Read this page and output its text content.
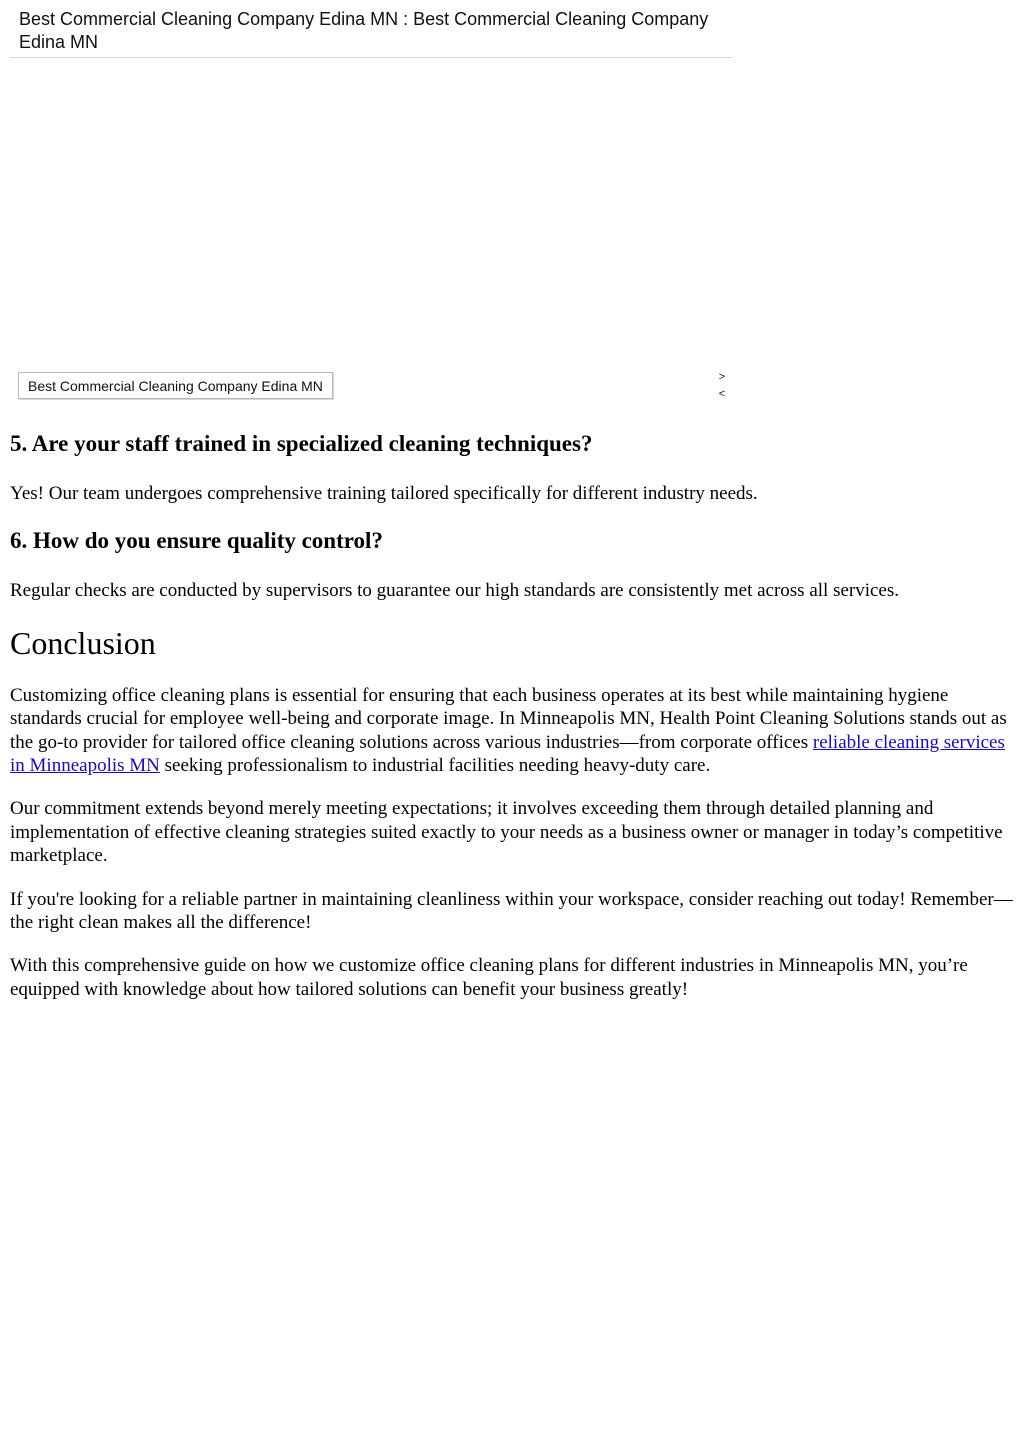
Best Commercial Cleaning Company Edina MN : Best Commercial Cleaning Company Edina MN
Best Commercial Cleaning Company Edina MN
>
<
5. Are your staff trained in specialized cleaning techniques?

Yes! Our team undergoes comprehensive training tailored specifically for different industry needs.

6. How do you ensure quality control?

Regular checks are conducted by supervisors to guarantee our high standards are consistently met across all services.

Conclusion

Customizing office cleaning plans is essential for ensuring that each business operates at its best while maintaining hygiene standards crucial for employee well-being and corporate image. In Minneapolis MN, Health Point Cleaning Solutions stands out as the go-to provider for tailored office cleaning solutions across various industries—from corporate offices reliable cleaning services in Minneapolis MN seeking professionalism to industrial facilities needing heavy-duty care.

Our commitment extends beyond merely meeting expectations; it involves exceeding them through detailed planning and implementation of effective cleaning strategies suited exactly to your needs as a business owner or manager in today’s competitive marketplace.

If you're looking for a reliable partner in maintaining cleanliness within your workspace, consider reaching out today! Remember—the right clean makes all the difference!

With this comprehensive guide on how we customize office cleaning plans for different industries in Minneapolis MN, you’re equipped with knowledge about how tailored solutions can benefit your business greatly!
